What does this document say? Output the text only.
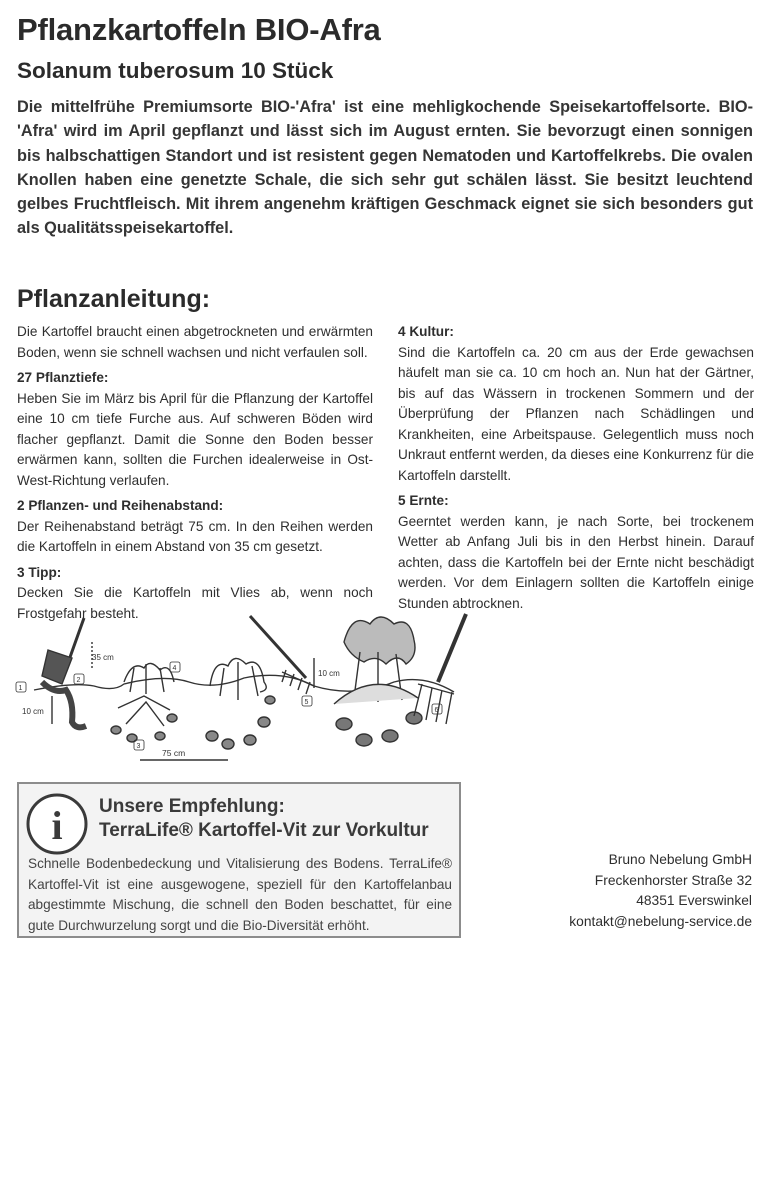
Pflanzkartoffeln BIO-Afra
Solanum tuberosum 10 Stück

Die mittelfrühe Premiumsorte BIO-'Afra' ist eine mehligkochende Speisekartoffelsorte. BIO-'Afra' wird im April gepflanzt und lässt sich im August ernten. Sie bevorzugt einen sonnigen bis halbschattigen Standort und ist resistent gegen Nematoden und Kartoffelkrebs. Die ovalen Knollen haben eine genetzte Schale, die sich sehr gut schälen lässt. Sie besitzt leuchtend gelbes Fruchtfleisch. Mit ihrem angenehm kräftigen Geschmack eignet sie sich besonders gut als Qualitätsspeisekartoffel.

Pflanzanleitung:

Die Kartoffel braucht einen abgetrockneten und erwärmten Boden, wenn sie schnell wachsen und nicht verfaulen soll.

27 Pflanztiefe:

Heben Sie im März bis April für die Pflanzung der Kartoffel eine 10 cm tiefe Furche aus. Auf schweren Böden wird flacher gepflanzt. Damit die Sonne den Boden besser erwärmen kann, sollten die Furchen idealerweise in Ost-West-Richtung verlaufen.

2 Pflanzen- und Reihenabstand:

Der Reihenabstand beträgt 75 cm. In den Reihen werden die Kartoffeln in einem Abstand von 35 cm gesetzt.

3 Tipp:

Decken Sie die Kartoffeln mit Vlies ab, wenn noch Frostgefahr besteht.

4 Kultur:

Sind die Kartoffeln ca. 20 cm aus der Erde gewachsen häufelt man sie ca. 10 cm hoch an. Nun hat der Gärtner, bis auf das Wässern in trockenen Sommern und der Überprüfung der Pflanzen nach Schädlingen und Krankheiten, eine Arbeitspause. Gelegentlich muss noch Unkraut entfernt werden, da dieses eine Konkurrenz für die Kartoffeln darstellt.

5 Ernte:

Geerntet werden kann, je nach Sorte, bei trockenem Wetter ab Anfang Juli bis in den Herbst hinein. Darauf achten, dass die Kartoffeln bei der Ernte nicht beschädigt werden. Vor dem Einlagern sollten die Kartoffeln einige Stunden abtrocknen.

10 cm
35 cm
75 cm
10 cm
1
2
3
4
5
6
i Unsere Empfehlung:
TerraLife® Kartoffel-Vit zur Vorkultur

Schnelle Bodenbedeckung und Vitalisierung des Bodens. TerraLife® Kartoffel-Vit ist eine ausgewogene, speziell für den Kartoffelanbau abgestimmte Mischung, die schnell den Boden beschattet, für eine gute Durchwurzelung sorgt und die Bio-Diversität erhöht.

Bruno Nebelung GmbH
Freckenhorster Straße 32
48351 Everswinkel
kontakt@nebelung-service.de
